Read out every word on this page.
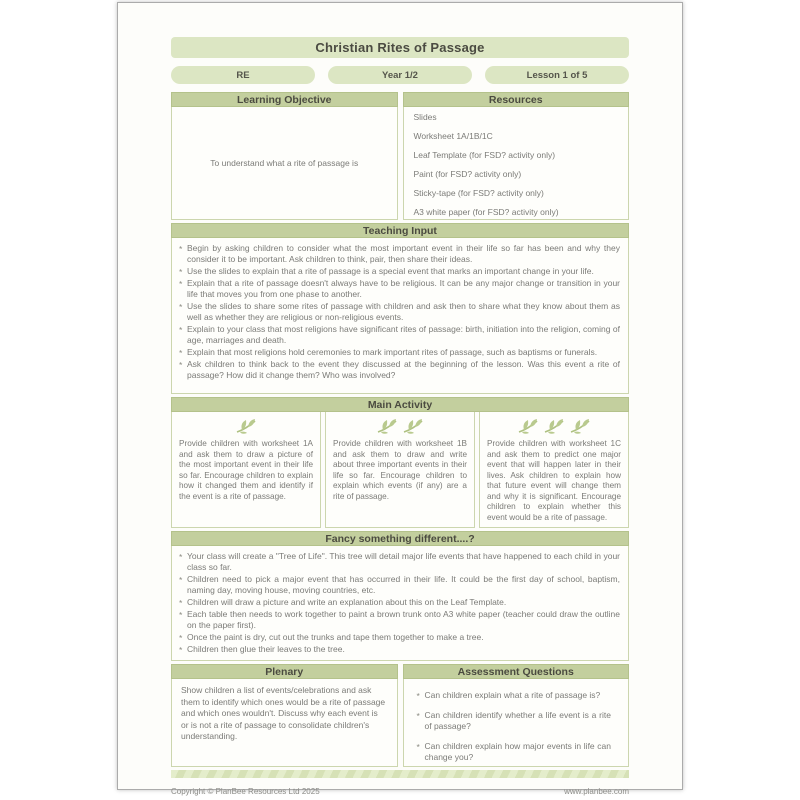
Christian Rites of Passage
RE	Year 1/2	Lesson 1 of 5
Learning Objective
To understand what a rite of passage is
Resources
Slides
Worksheet 1A/1B/1C
Leaf Template (for FSD? activity only)
Paint (for FSD? activity only)
Sticky-tape (for FSD? activity only)
A3 white paper (for FSD? activity only)
Teaching Input
* Begin by asking children to consider what the most important event in their life so far has been and why they consider it to be important. Ask children to think, pair, then share their ideas.
* Use the slides to explain that a rite of passage is a special event that marks an important change in your life.
* Explain that a rite of passage doesn't always have to be religious. It can be any major change or transition in your life that moves you from one phase to another.
* Use the slides to share some rites of passage with children and ask then to share what they know about them as well as whether they are religious or non-religious events.
* Explain to your class that most religions have significant rites of passage: birth, initiation into the religion, coming of age, marriages and death.
* Explain that most religions hold ceremonies to mark important rites of passage, such as baptisms or funerals.
* Ask children to think back to the event they discussed at the beginning of the lesson. Was this event a rite of passage? How did it change them? Who was involved?
Main Activity
Provide children with worksheet 1A and ask them to draw a picture of the most important event in their life so far. Encourage children to explain how it changed them and identify if the event is a rite of passage.
Provide children with worksheet 1B and ask them to draw and write about three important events in their life so far. Encourage children to explain which events (if any) are a rite of passage.
Provide children with worksheet 1C and ask them to predict one major event that will happen later in their lives. Ask children to explain how that future event will change them and why it is significant. Encourage children to explain whether this event would be a rite of passage.
Fancy something different....?
* Your class will create a "Tree of Life". This tree will detail major life events that have happened to each child in your class so far.
* Children need to pick a major event that has occurred in their life. It could be the first day of school, baptism, naming day, moving house, moving countries, etc.
* Children will draw a picture and write an explanation about this on the Leaf Template.
* Each table then needs to work together to paint a brown trunk onto A3 white paper (teacher could draw the outline on the paper first).
* Once the paint is dry, cut out the trunks and tape them together to make a tree.
* Children then glue their leaves to the tree.
Plenary
Show children a list of events/celebrations and ask them to identify which ones would be a rite of passage and which ones wouldn't. Discuss why each event is or is not a rite of passage to consolidate children's understanding.
Assessment Questions
* Can children explain what a rite of passage is?
* Can children identify whether a life event is a rite of passage?
* Can children explain how major events in life can change you?
Copyright © PlanBee Resources Ltd 2025	www.planbee.com
